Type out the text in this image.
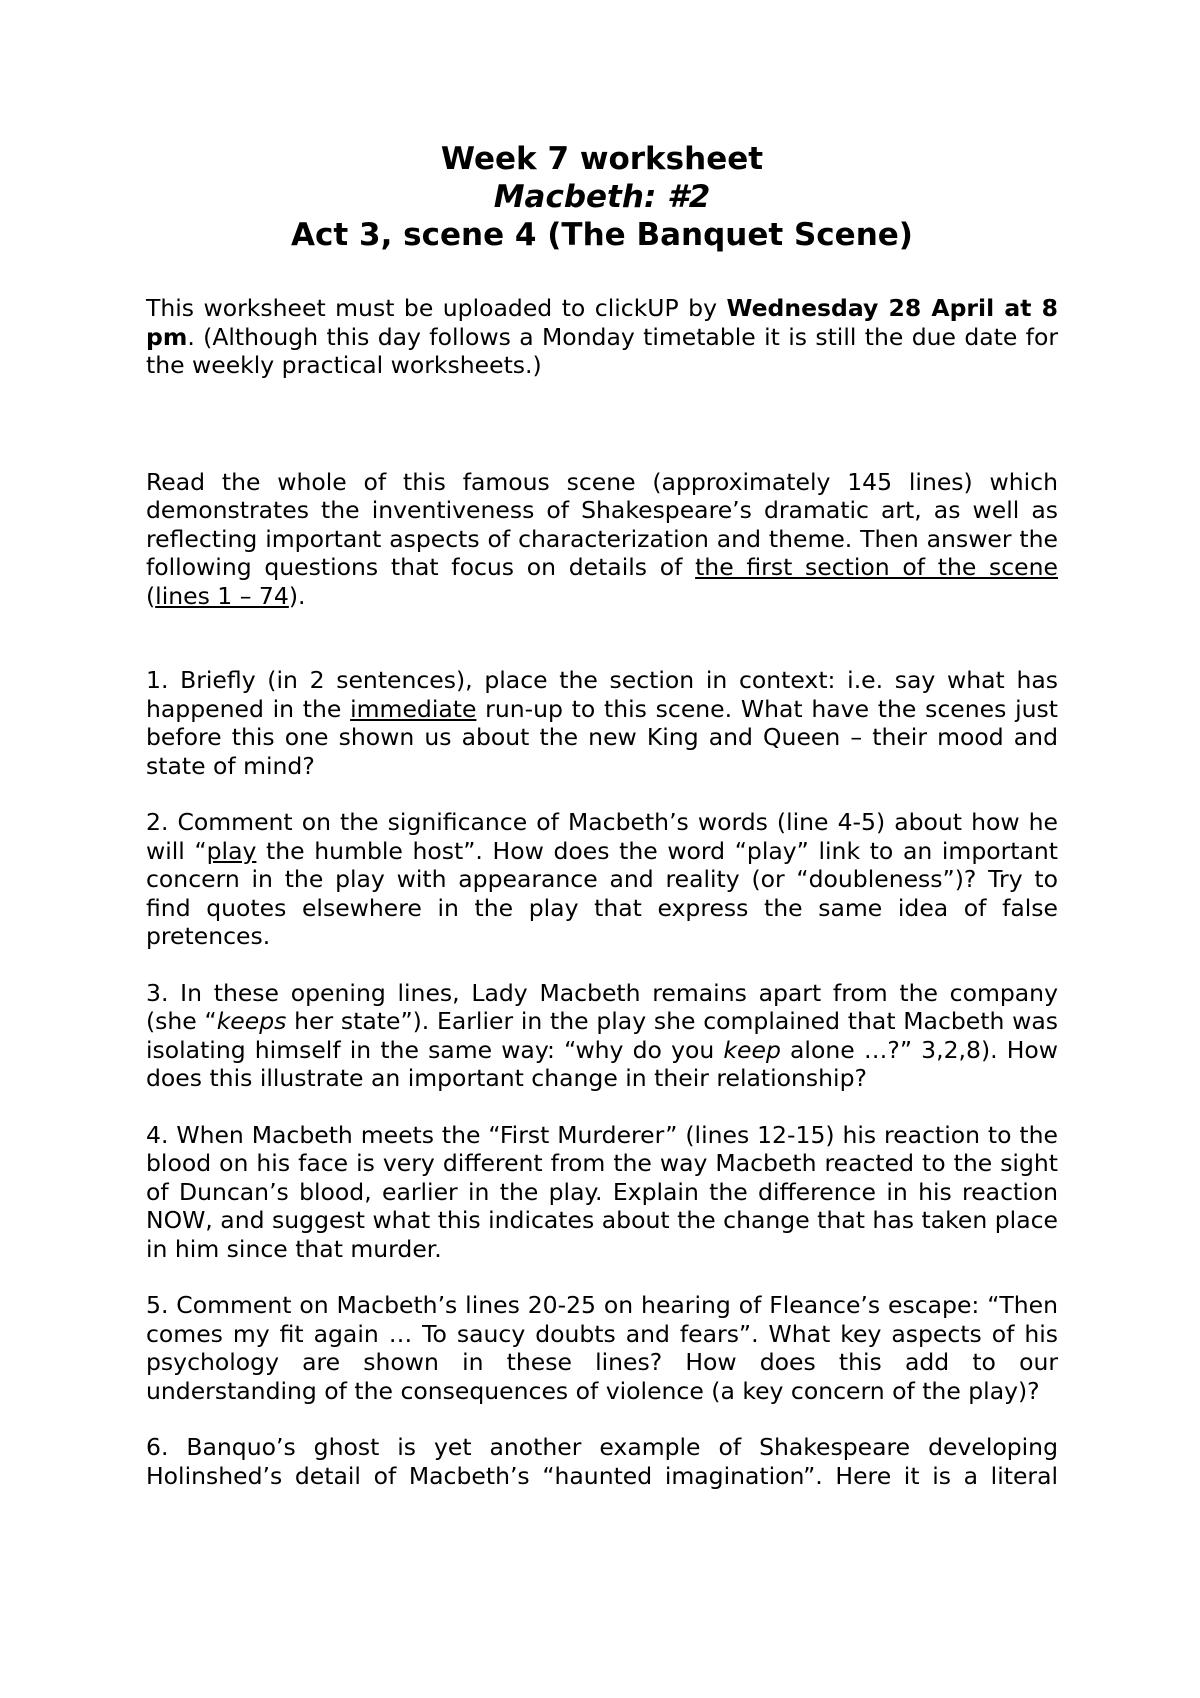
Week 7 worksheet
Macbeth: #2
Act 3, scene 4 (The Banquet Scene)

This worksheet must be uploaded to clickUP by Wednesday 28 April at 8 pm. (Although this day follows a Monday timetable it is still the due date for the weekly practical worksheets.)

Read the whole of this famous scene (approximately 145 lines) which demonstrates the inventiveness of Shakespeare’s dramatic art, as well as reflecting important aspects of characterization and theme. Then answer the following questions that focus on details of the first section of the scene (lines 1 – 74).

1. Briefly (in 2 sentences), place the section in context: i.e. say what has happened in the immediate run-up to this scene. What have the scenes just before this one shown us about the new King and Queen – their mood and state of mind?

2. Comment on the significance of Macbeth’s words (line 4-5) about how he will “play the humble host”. How does the word “play” link to an important concern in the play with appearance and reality (or “doubleness”)? Try to find quotes elsewhere in the play that express the same idea of false pretences.

3. In these opening lines, Lady Macbeth remains apart from the company (she “keeps her state”). Earlier in the play she complained that Macbeth was isolating himself in the same way: “why do you keep alone …?” 3,2,8). How does this illustrate an important change in their relationship?

4. When Macbeth meets the “First Murderer” (lines 12-15) his reaction to the blood on his face is very different from the way Macbeth reacted to the sight of Duncan’s blood, earlier in the play. Explain the difference in his reaction NOW, and suggest what this indicates about the change that has taken place in him since that murder.

5. Comment on Macbeth’s lines 20-25 on hearing of Fleance’s escape: “Then comes my fit again … To saucy doubts and fears”. What key aspects of his psychology are shown in these lines? How does this add to our understanding of the consequences of violence (a key concern of the play)?

6. Banquo’s ghost is yet another example of Shakespeare developing Holinshed’s detail of Macbeth’s “haunted imagination”. Here it is a literal
